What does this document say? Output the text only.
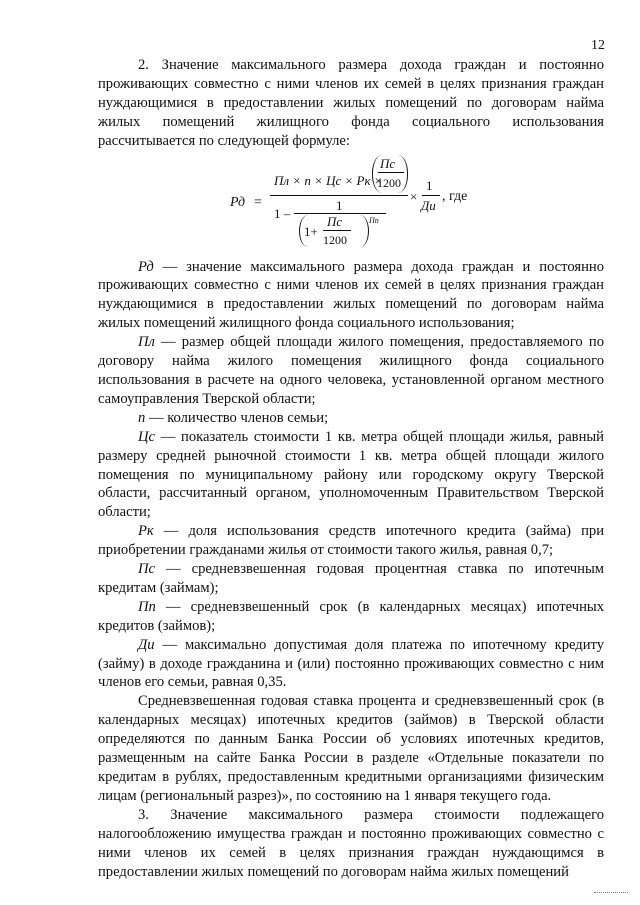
12

2. Значение максимального размера дохода граждан и постоянно проживающих совместно с ними членов их семей в целях признания граждан нуждающимися в предоставлении жилых помещений по договорам найма жилых помещений жилищного фонда социального использования рассчитывается по следующей формуле:

Рд =
Пл × n × Цс × Рк ×
Пс
1200
1 –
1
1+
Пс
1200
Пп
×
1
Ди
, где

Рд — значение максимального размера дохода граждан и постоянно проживающих совместно с ними членов их семей в целях признания граждан нуждающимися в предоставлении жилых помещений по договорам найма жилых помещений жилищного фонда социального использования;

Пл — размер общей площади жилого помещения, предоставляемого по договору найма жилого помещения жилищного фонда социального использования в расчете на одного человека, установленной органом местного самоуправления Тверской области;

n — количество членов семьи;

Цс — показатель стоимости 1 кв. метра общей площади жилья, равный размеру средней рыночной стоимости 1 кв. метра общей площади жилого помещения по муниципальному району или городскому округу Тверской области, рассчитанный органом, уполномоченным Правительством Тверской области;

Рк — доля использования средств ипотечного кредита (займа) при приобретении гражданами жилья от стоимости такого жилья, равная 0,7;

Пс — средневзвешенная годовая процентная ставка по ипотечным кредитам (займам);

Пп — средневзвешенный срок (в календарных месяцах) ипотечных кредитов (займов);

Ди — максимально допустимая доля платежа по ипотечному кредиту (займу) в доходе гражданина и (или) постоянно проживающих совместно с ним членов его семьи, равная 0,35.

Средневзвешенная годовая ставка процента и средневзвешенный срок (в календарных месяцах) ипотечных кредитов (займов) в Тверской области определяются по данным Банка России об условиях ипотечных кредитов, размещенным на сайте Банка России в разделе «Отдельные показатели по кредитам в рублях, предоставленным кредитными организациями физическим лицам (региональный разрез)», по состоянию на 1 января текущего года.

3. Значение максимального размера стоимости подлежащего налогообложению имущества граждан и постоянно проживающих совместно с ними членов их семей в целях признания граждан нуждающимся в предоставлении жилых помещений по договорам найма жилых помещений
